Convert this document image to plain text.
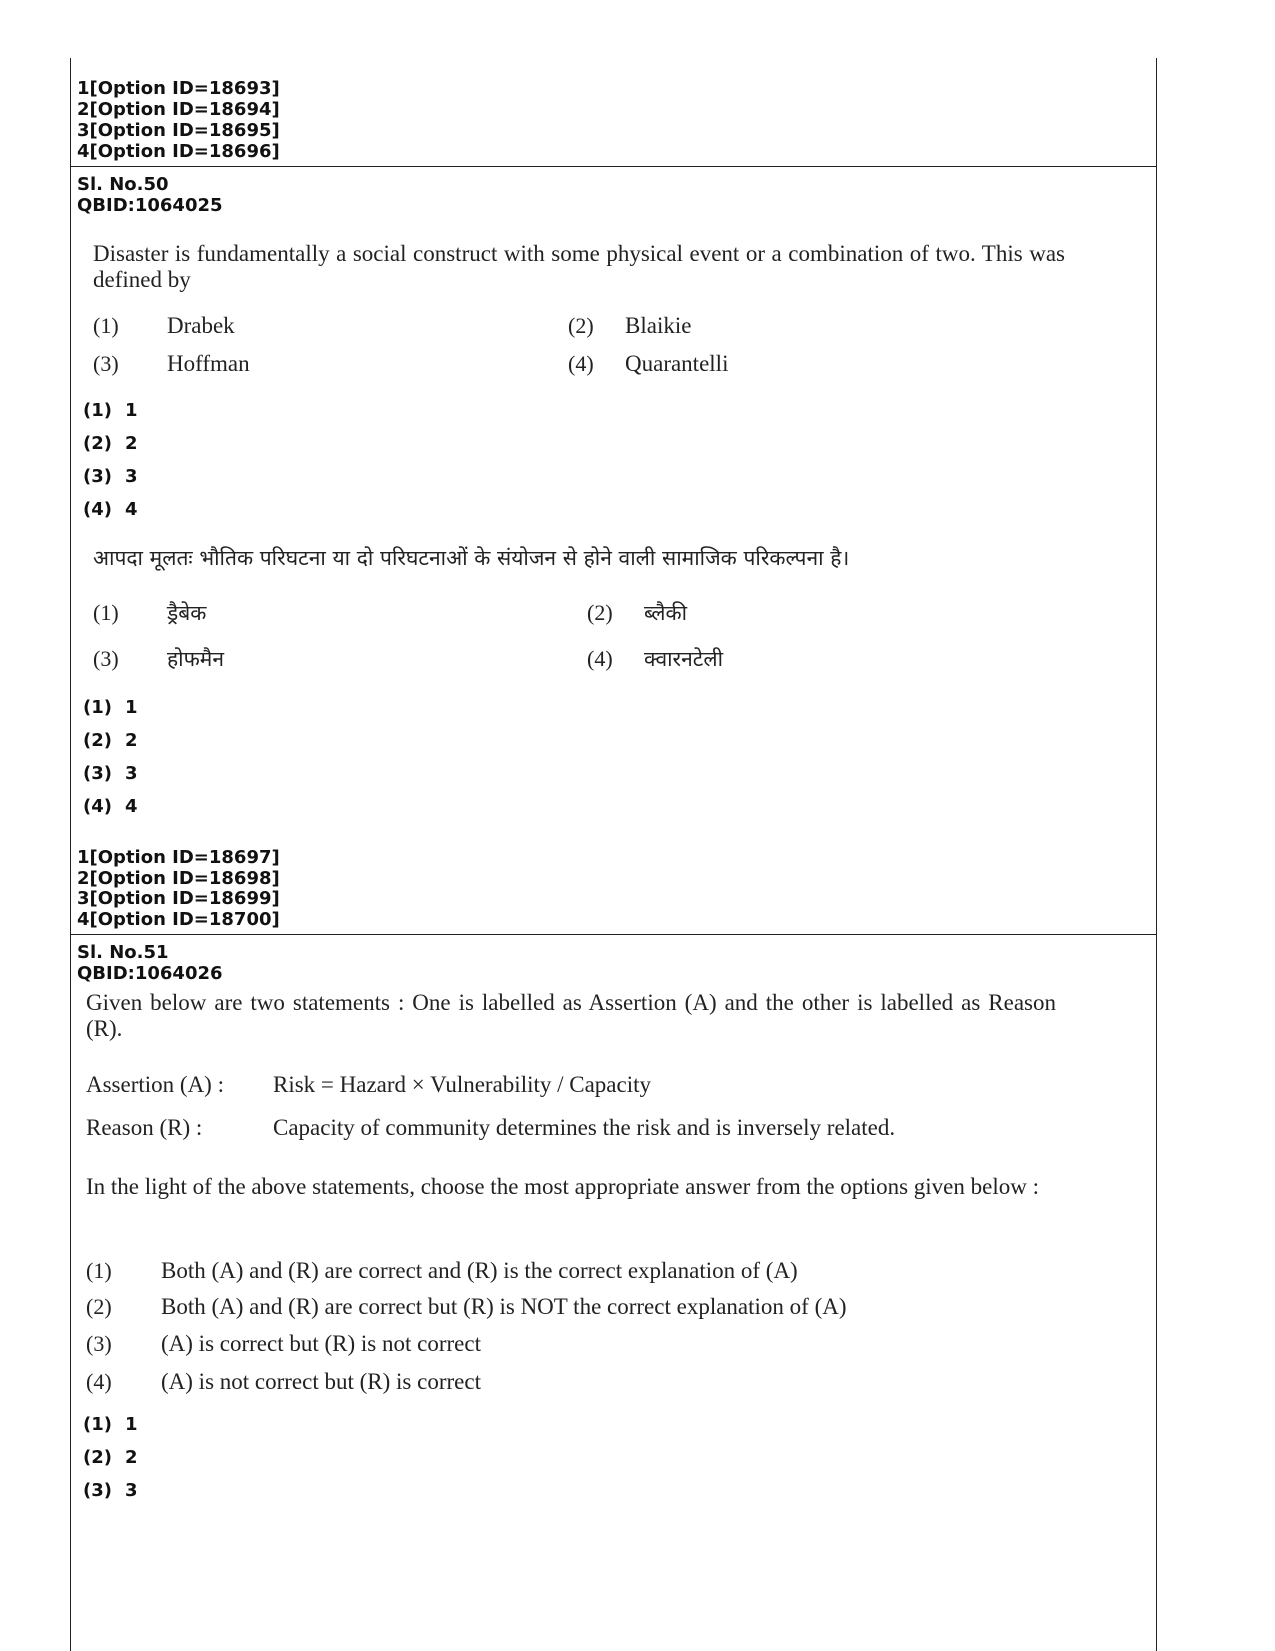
1[Option ID=18693]
2[Option ID=18694]
3[Option ID=18695]
4[Option ID=18696]
Sl. No.50
QBID:1064025
Disaster is fundamentally a social construct with some physical event or a combination of two. This was defined by
(1) Drabek	(2) Blaikie
(3) Hoffman	(4) Quarantelli
(1) 1
(2) 2
(3) 3
(4) 4
आपदा मूलतः भौतिक परिघटना या दो परिघटनाओं के संयोजन से होने वाली सामाजिक परिकल्पना है।
(1) ड्रैबेक	(2) ब्लैकी
(3) होफमैन	(4) क्वारनटेली
(1) 1
(2) 2
(3) 3
(4) 4
1[Option ID=18697]
2[Option ID=18698]
3[Option ID=18699]
4[Option ID=18700]
Sl. No.51
QBID:1064026
Given below are two statements : One is labelled as Assertion (A) and the other is labelled as Reason (R).
Assertion (A) : Risk = Hazard × Vulnerability / Capacity
Reason (R) :	Capacity of community determines the risk and is inversely related.
In the light of the above statements, choose the most appropriate answer from the options given below :
(1) Both (A) and (R) are correct and (R) is the correct explanation of (A)
(2) Both (A) and (R) are correct but (R) is NOT the correct explanation of (A)
(3) (A) is correct but (R) is not correct
(4) (A) is not correct but (R) is correct
(1) 1
(2) 2
(3) 3
